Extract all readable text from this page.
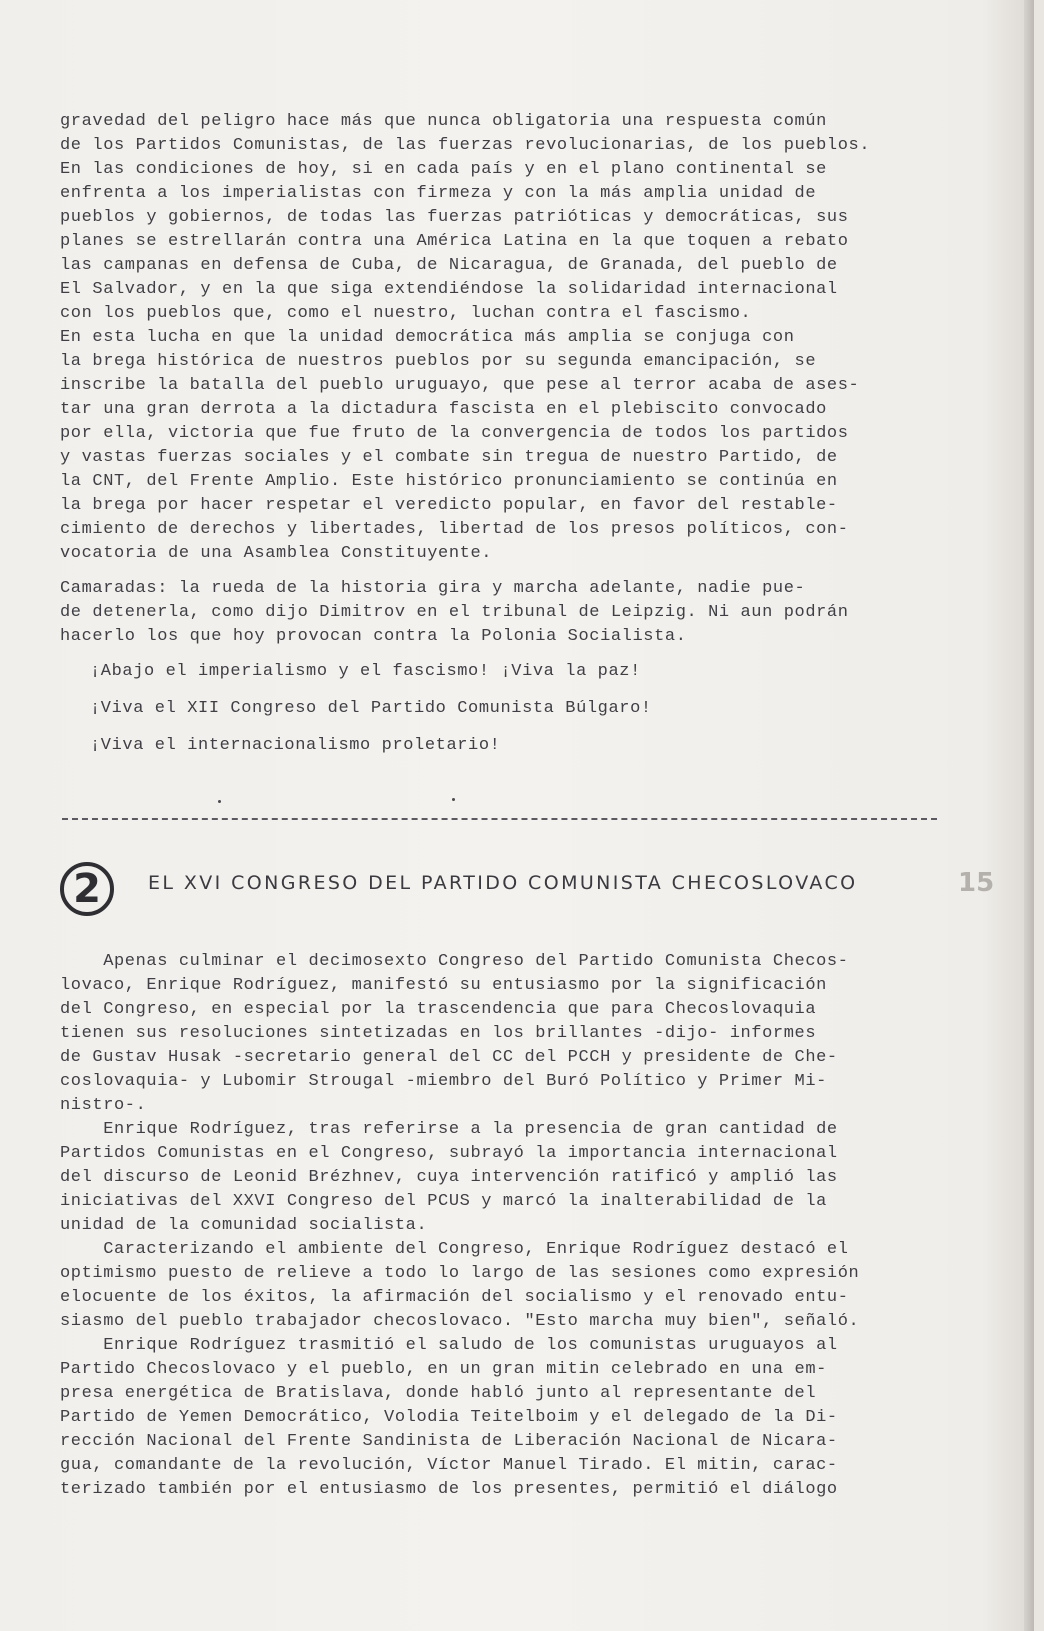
gravedad del peligro hace más que nunca obligatoria una respuesta común
de los Partidos Comunistas, de las fuerzas revolucionarias, de los pueblos.
En las condiciones de hoy, si en cada país y en el plano continental se
enfrenta a los imperialistas con firmeza y con la más amplia unidad de
pueblos y gobiernos, de todas las fuerzas patrióticas y democráticas, sus
planes se estrellarán contra una América Latina en la que toquen a rebato
las campanas en defensa de Cuba, de Nicaragua, de Granada, del pueblo de
El Salvador, y en la que siga extendiéndose la solidaridad internacional
con los pueblos que, como el nuestro, luchan contra el fascismo.
En esta lucha en que la unidad democrática más amplia se conjuga con
la brega histórica de nuestros pueblos por su segunda emancipación, se
inscribe la batalla del pueblo uruguayo, que pese al terror acaba de ases-
tar una gran derrota a la dictadura fascista en el plebiscito convocado
por ella, victoria que fue fruto de la convergencia de todos los partidos
y vastas fuerzas sociales y el combate sin tregua de nuestro Partido, de
la CNT, del Frente Amplio. Este histórico pronunciamiento se continúa en
la brega por hacer respetar el veredicto popular, en favor del restable-
cimiento de derechos y libertades, libertad de los presos políticos, con-
vocatoria de una Asamblea Constituyente.
Camaradas: la rueda de la historia gira y marcha adelante, nadie pue-
de detenerla, como dijo Dimitrov en el tribunal de Leipzig. Ni aun podrán
hacerlo los que hoy provocan contra la Polonia Socialista.
¡Abajo el imperialismo y el fascismo! ¡Viva la paz!
¡Viva el XII Congreso del Partido Comunista Búlgaro!
¡Viva el internacionalismo proletario!
2	EL XVI CONGRESO DEL PARTIDO COMUNISTA CHECOSLOVACO	15
Apenas culminar el decimosexto Congreso del Partido Comunista Checos-
lovaco, Enrique Rodríguez, manifestó su entusiasmo por la significación
del Congreso, en especial por la trascendencia que para Checoslovaquia
tienen sus resoluciones sintetizadas en los brillantes -dijo- informes
de Gustav Husak -secretario general del CC del PCCH y presidente de Che-
coslovaquia- y Lubomir Strougal -miembro del Buró Político y Primer Mi-
nistro-.
Enrique Rodríguez, tras referirse a la presencia de gran cantidad de
Partidos Comunistas en el Congreso, subrayó la importancia internacional
del discurso de Leonid Brézhnev, cuya intervención ratificó y amplió las
iniciativas del XXVI Congreso del PCUS y marcó la inalterabilidad de la
unidad de la comunidad socialista.
Caracterizando el ambiente del Congreso, Enrique Rodríguez destacó el
optimismo puesto de relieve a todo lo largo de las sesiones como expresión
elocuente de los éxitos, la afirmación del socialismo y el renovado entu-
siasmo del pueblo trabajador checoslovaco. "Esto marcha muy bien", señaló.
Enrique Rodríguez trasmitió el saludo de los comunistas uruguayos al
Partido Checoslovaco y el pueblo, en un gran mitin celebrado en una em-
presa energética de Bratislava, donde habló junto al representante del
Partido de Yemen Democrático, Volodia Teitelboim y el delegado de la Di-
rección Nacional del Frente Sandinista de Liberación Nacional de Nicara-
gua, comandante de la revolución, Víctor Manuel Tirado. El mitin, carac-
terizado también por el entusiasmo de los presentes, permitió el diálogo
